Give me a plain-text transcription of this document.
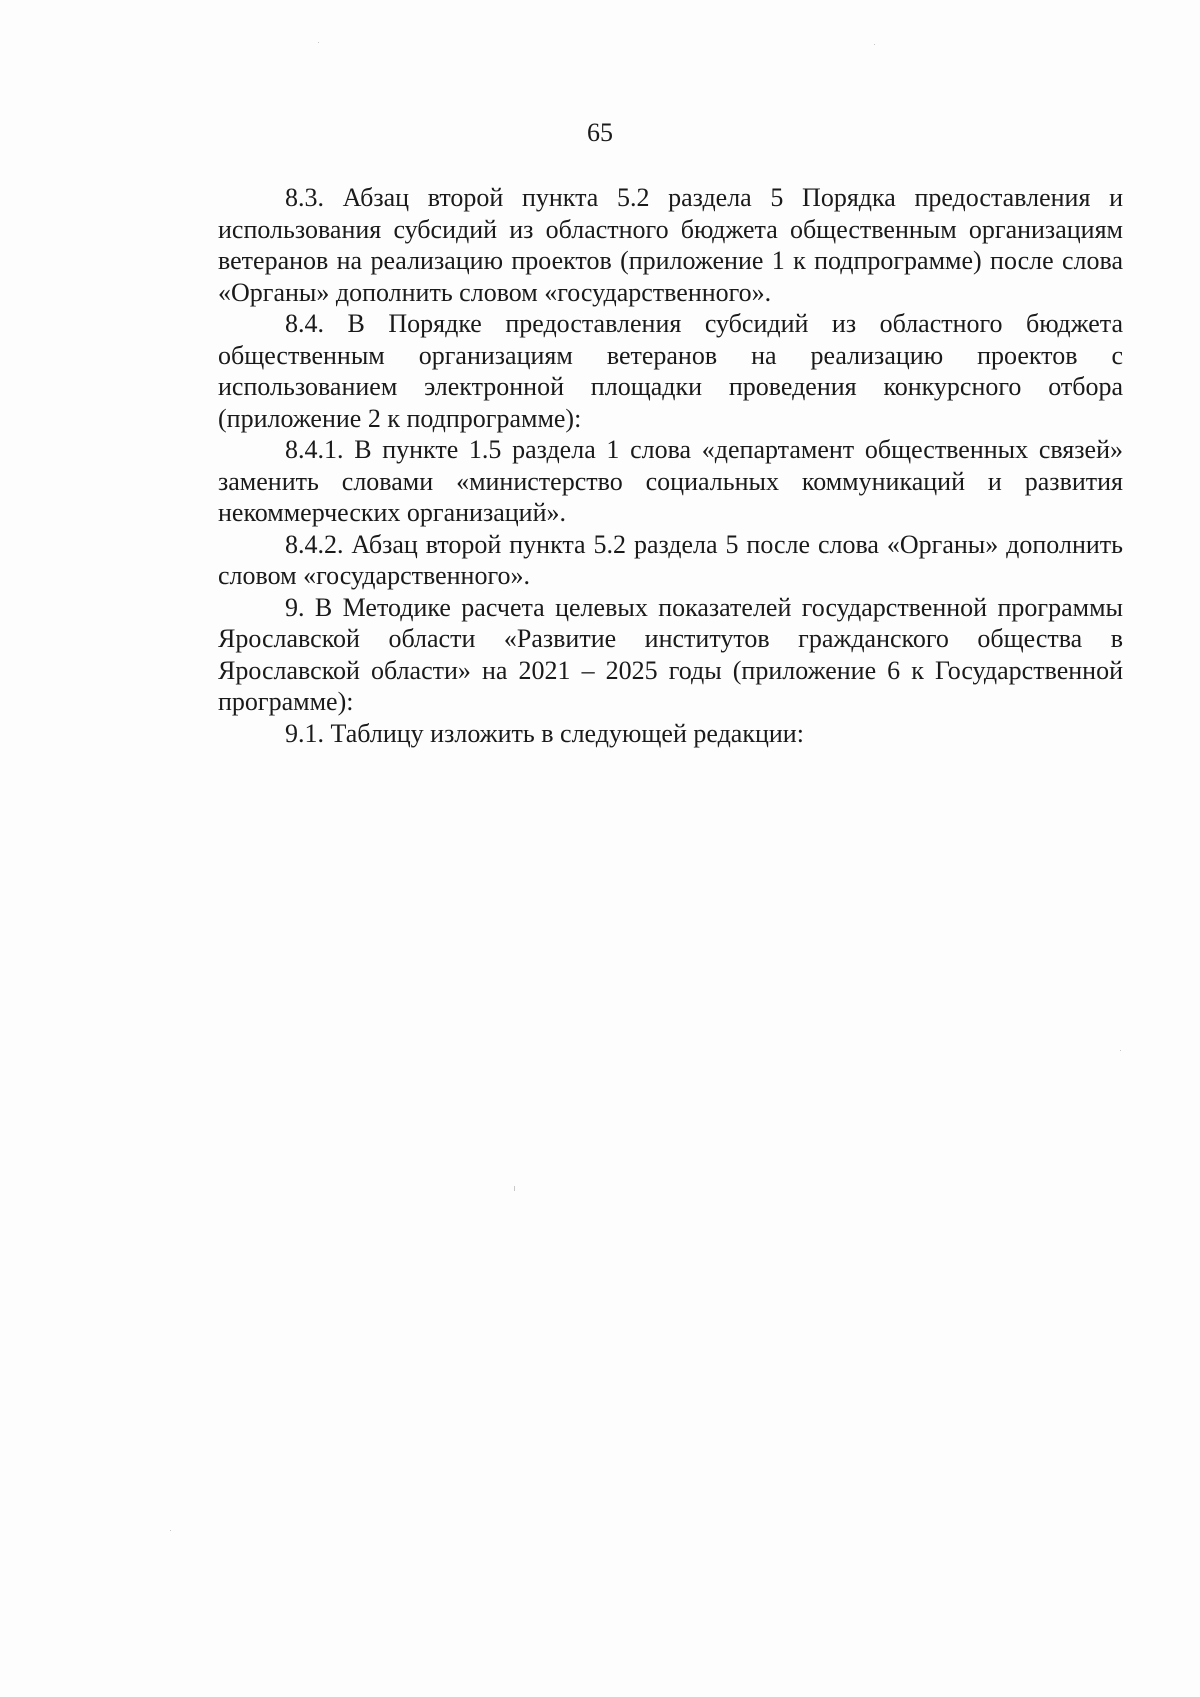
65

8.3. Абзац второй пункта 5.2 раздела 5 Порядка предоставления и использования субсидий из областного бюджета общественным организациям ветеранов на реализацию проектов (приложение 1 к подпрограмме) после слова «Органы» дополнить словом «государственного».

8.4. В Порядке предоставления субсидий из областного бюджета общественным организациям ветеранов на реализацию проектов с использованием электронной площадки проведения конкурсного отбора (приложение 2 к подпрограмме):

8.4.1. В пункте 1.5 раздела 1 слова «департамент общественных связей» заменить словами «министерство социальных коммуникаций и развития некоммерческих организаций».

8.4.2. Абзац второй пункта 5.2 раздела 5 после слова «Органы» дополнить словом «государственного».

9. В Методике расчета целевых показателей государственной программы Ярославской области «Развитие институтов гражданского общества в Ярославской области» на 2021 – 2025 годы (приложение 6 к Государственной программе):

9.1. Таблицу изложить в следующей редакции:
